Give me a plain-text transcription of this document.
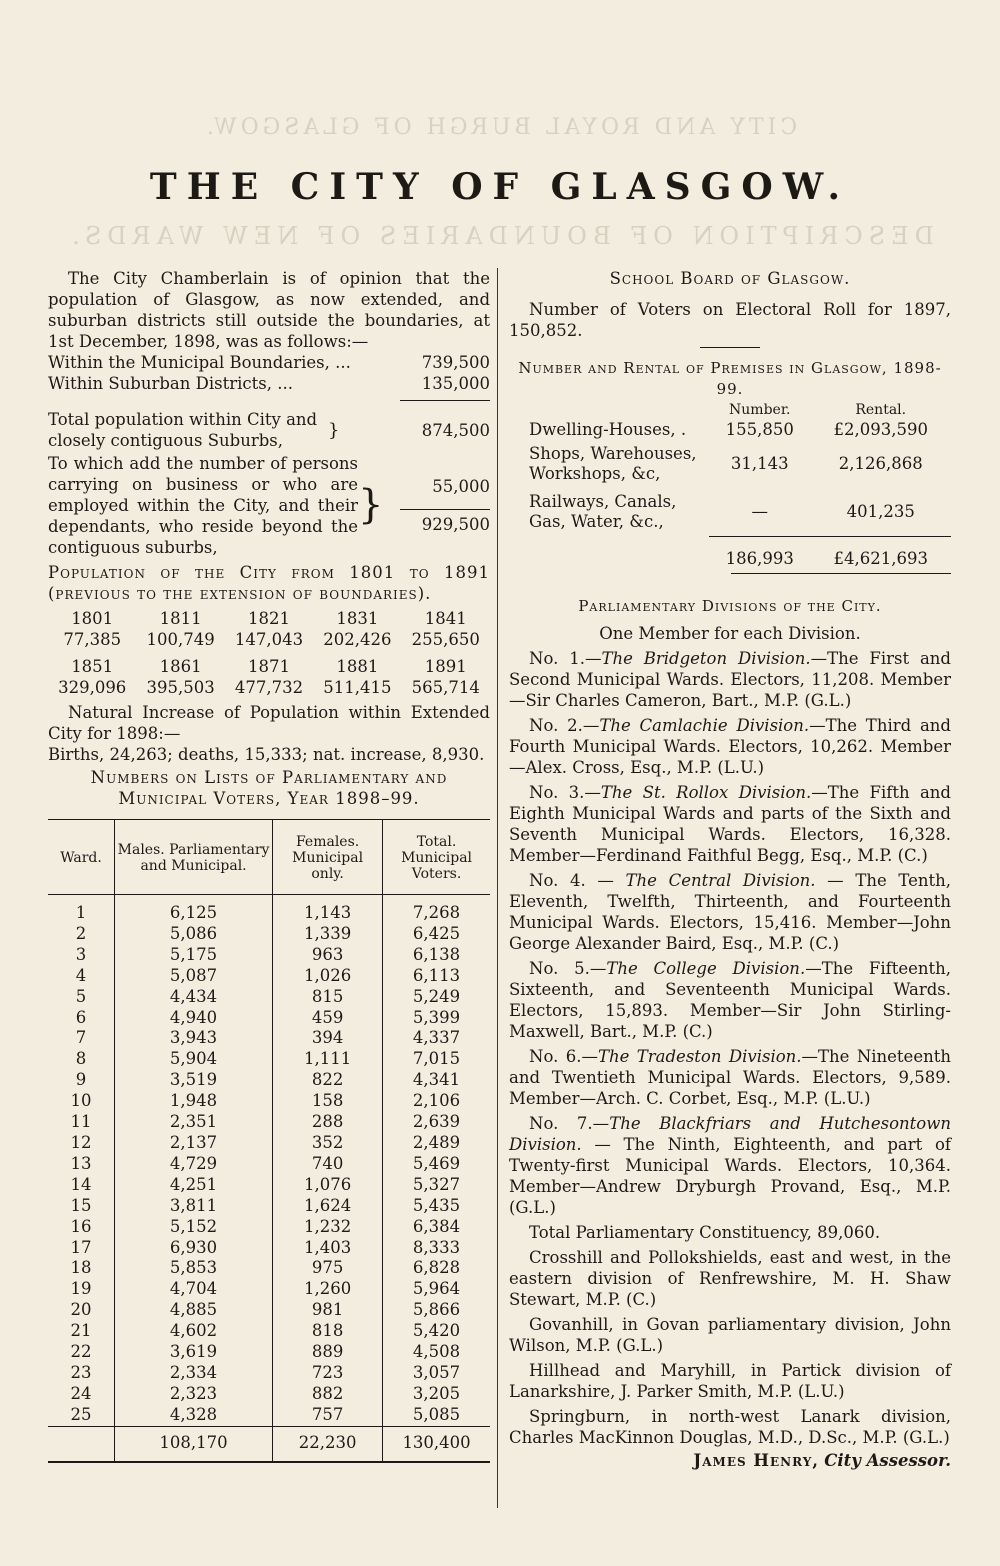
CITY AND ROYAL BURGH OF GLASGOW.
DESCRIPTION OF BOUNDARIES OF NEW WARDS.
THE CITY OF GLASGOW.
The City Chamberlain is of opinion that the population of Glasgow, as now extended, and suburban districts still outside the boundaries, at 1st December, 1898, was as follows:—
Within the Municipal Boundaries, ...	739,500
Within Suburban Districts, ...	135,000
Total population within City and closely contiguous Suburbs,	}	874,500
To which add the number of persons carrying on business or who are employed within the City, and their dependants, who reside beyond the contiguous suburbs,
}	55,000
929,500
Population of the City from 1801 to 1891 (previous to the extension of boundaries).
1801	1811	1821	1831	1841
77,385	100,749	147,043	202,426	255,650
1851	1861	1871	1881	1891
329,096	395,503	477,732	511,415	565,714
Natural Increase of Population within Extended City for 1898:—
Births, 24,263; deaths, 15,333; nat. increase, 8,930.
Numbers on Lists of Parliamentary and Municipal Voters, Year 1898–99.
Ward.	Males. Parliamentary and Municipal.	Females. Municipal only.	Total. Municipal Voters.
1	6,125	1,143	7,268
2	5,086	1,339	6,425
3	5,175	963	6,138
4	5,087	1,026	6,113
5	4,434	815	5,249
6	4,940	459	5,399
7	3,943	394	4,337
8	5,904	1,111	7,015
9	3,519	822	4,341
10	1,948	158	2,106
11	2,351	288	2,639
12	2,137	352	2,489
13	4,729	740	5,469
14	4,251	1,076	5,327
15	3,811	1,624	5,435
16	5,152	1,232	6,384
17	6,930	1,403	8,333
18	5,853	975	6,828
19	4,704	1,260	5,964
20	4,885	981	5,866
21	4,602	818	5,420
22	3,619	889	4,508
23	2,334	723	3,057
24	2,323	882	3,205
25	4,328	757	5,085
	108,170	22,230	130,400
School Board of Glasgow.
Number of Voters on Electoral Roll for 1897, 150,852.
Number and Rental of Premises in Glasgow, 1898-99.
	Number.	Rental.
Dwelling-Houses, .	155,850	£2,093,590
Shops, Warehouses, Workshops, &c,	31,143	2,126,868
Railways, Canals, Gas, Water, &c.,	—	401,235
	186,993	£4,621,693
Parliamentary Divisions of the City.
One Member for each Division.
No. 1.—The Bridgeton Division.—The First and Second Municipal Wards. Electors, 11,208. Member—Sir Charles Cameron, Bart., M.P. (G.L.)
No. 2.—The Camlachie Division.—The Third and Fourth Municipal Wards. Electors, 10,262. Member—Alex. Cross, Esq., M.P. (L.U.)
No. 3.—The St. Rollox Division.—The Fifth and Eighth Municipal Wards and parts of the Sixth and Seventh Municipal Wards. Electors, 16,328. Member—Ferdinand Faithful Begg, Esq., M.P. (C.)
No. 4. — The Central Division. — The Tenth, Eleventh, Twelfth, Thirteenth, and Fourteenth Municipal Wards. Electors, 15,416. Member—John George Alexander Baird, Esq., M.P. (C.)
No. 5.—The College Division.—The Fifteenth, Sixteenth, and Seventeenth Municipal Wards. Electors, 15,893. Member—Sir John Stirling-Maxwell, Bart., M.P. (C.)
No. 6.—The Tradeston Division.—The Nineteenth and Twentieth Municipal Wards. Electors, 9,589. Member—Arch. C. Corbet, Esq., M.P. (L.U.)
No. 7.—The Blackfriars and Hutchesontown Division. — The Ninth, Eighteenth, and part of Twenty-first Municipal Wards. Electors, 10,364. Member—Andrew Dryburgh Provand, Esq., M.P. (G.L.)
Total Parliamentary Constituency, 89,060.
Crosshill and Pollokshields, east and west, in the eastern division of Renfrewshire, M. H. Shaw Stewart, M.P. (C.)
Govanhill, in Govan parliamentary division, John Wilson, M.P. (G.L.)
Hillhead and Maryhill, in Partick division of Lanarkshire, J. Parker Smith, M.P. (L.U.)
Springburn, in north-west Lanark division, Charles MacKinnon Douglas, M.D., D.Sc., M.P. (G.L.)
James Henry, City Assessor.
